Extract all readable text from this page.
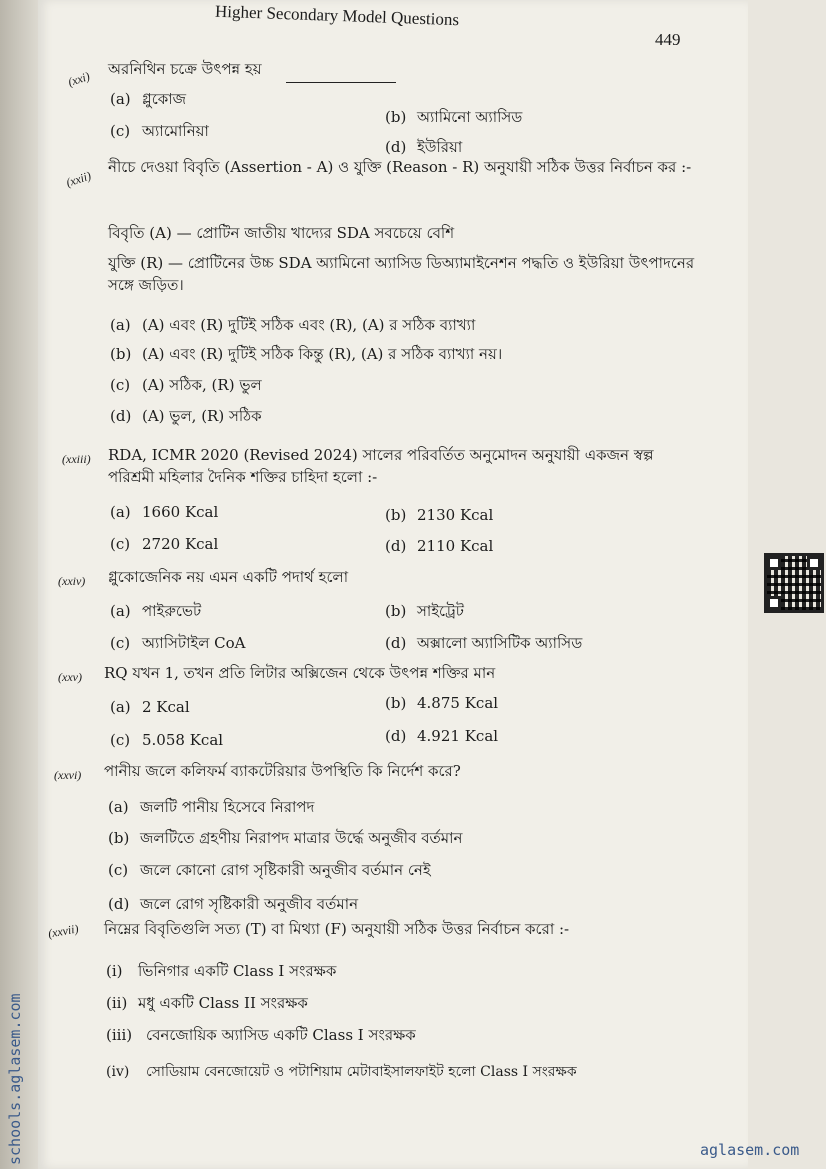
Higher Secondary Model Questions
449
(xxi) অরনিথিন চক্রে উৎপন্ন হয়
(a) গ্লুকোজ
(b) অ্যামিনো অ্যাসিড
(c) অ্যামোনিয়া
(d) ইউরিয়া
(xxii)
নীচে দেওয়া বিবৃতি (Assertion - A) ও যুক্তি (Reason - R) অনুযায়ী সঠিক উত্তর নির্বাচন কর :-
বিবৃতি (A) — প্রোটিন জাতীয় খাদ্যের SDA সবচেয়ে বেশি
যুক্তি (R) — প্রোটিনের উচ্চ SDA অ্যামিনো অ্যাসিড ডিঅ্যামাইনেশন পদ্ধতি ও ইউরিয়া উৎপাদনের সঙ্গে জড়িত।
(a) (A) এবং (R) দুটিই সঠিক এবং (R), (A) র সঠিক ব্যাখ্যা
(b) (A) এবং (R) দুটিই সঠিক কিন্তু (R), (A) র সঠিক ব্যাখ্যা নয়।
(c) (A) সঠিক, (R) ভুল
(d) (A) ভুল, (R) সঠিক
(xxiii) RDA, ICMR 2020 (Revised 2024) সালের পরিবর্তিত অনুমোদন অনুযায়ী একজন স্বল্প পরিশ্রমী মহিলার দৈনিক শক্তির চাহিদা হলো :-
(a) 1660 Kcal	(b) 2130 Kcal
(c) 2720 Kcal	(d) 2110 Kcal
(xxiv) গ্লুকোজেনিক নয় এমন একটি পদার্থ হলো
(a) পাইরুভেট	(b) সাইট্রেট
(c) অ্যাসিটাইল CoA	(d) অক্সালো অ্যাসিটিক অ্যাসিড
(xxv) RQ যখন 1, তখন প্রতি লিটার অক্সিজেন থেকে উৎপন্ন শক্তির মান
(a) 2 Kcal	(b) 4.875 Kcal
(c) 5.058 Kcal	(d) 4.921 Kcal
(xxvi) পানীয় জলে কলিফর্ম ব্যাকটেরিয়ার উপস্থিতি কি নির্দেশ করে?
(a) জলটি পানীয় হিসেবে নিরাপদ
(b) জলটিতে গ্রহণীয় নিরাপদ মাত্রার উর্দ্ধে অনুজীব বর্তমান
(c) জলে কোনো রোগ সৃষ্টিকারী অনুজীব বর্তমান নেই
(d) জলে রোগ সৃষ্টিকারী অনুজীব বর্তমান
(xxvii) নিম্নের বিবৃতিগুলি সত্য (T) বা মিথ্যা (F) অনুযায়ী সঠিক উত্তর নির্বাচন করো :-
(i) ভিনিগার একটি Class I সংরক্ষক
(ii) মধু একটি Class II সংরক্ষক
(iii) বেনজোয়িক অ্যাসিড একটি Class I সংরক্ষক
(iv) সোডিয়াম বেনজোয়েট ও পটাশিয়াম মেটাবাইসালফাইট হলো Class I সংরক্ষক
schools.aglasem.com	aglasem.com
